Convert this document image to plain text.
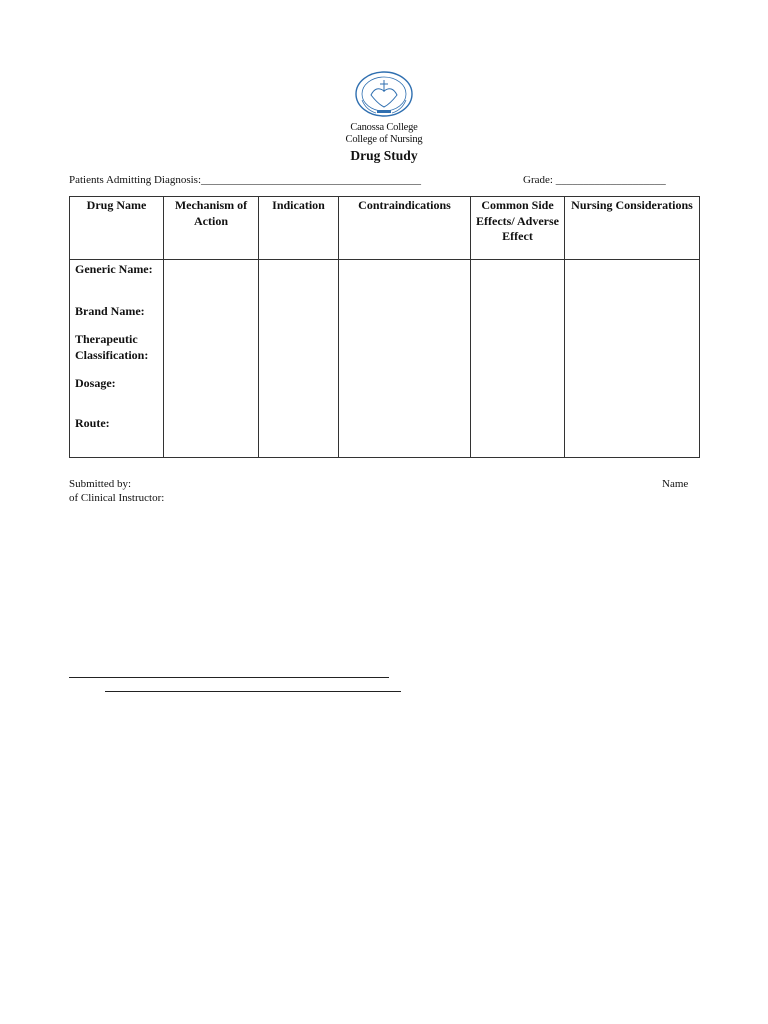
Canossa College
College of Nursing
Drug Study
Patients Admitting Diagnosis:________________________________________	Grade: ____________________
Drug Name	Mechanism of Action	Indication	Contraindications	Common Side Effects/ Adverse Effect	Nursing Considerations

Generic Name:
Brand Name:
Therapeutic Classification:
Dosage:
Route:					

Submitted by:	Name
of Clinical Instructor:
